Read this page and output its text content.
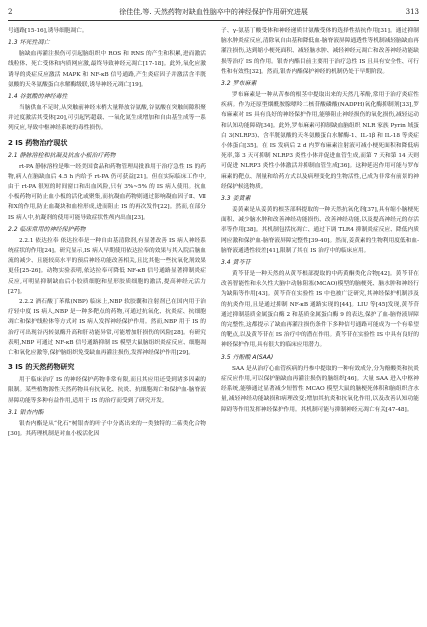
2	徐佳佳,等. 天然药物对缺血性脑卒中的神经保护作用研究进展	313

号通路[15-16],诱导细胞凋亡。

1.3 坏死性凋亡

脑缺血再灌注损伤可引起脑组织中 ROS 和 RNS 的产生和积累,进而激活线粒体、死亡受体和内质网应激,最终导致神经元凋亡[17-18]。此外,氧化应激诱导的炎症反应激活 MAPK 和 NF-κB 信号通路,产生炎症因子并激活含半胱氨酸的天冬氨酸蛋白水解酶级联,诱导神经元凋亡[19]。

1.4 谷氨酸的神经毒性

当脑供血不足时,从突触前神经末梢大量释放谷氨酸,谷氨酸在突触间隙积聚并过度激活其受体[20],可引起钙超载、一氧化氮生成增加和自由基生成等一系列反应,导致中枢神经系统的毒性损伤。

2 IS 药物治疗现状
2.1 静脉溶栓和抗凝及抗血小板治疗药物

rt-PA 静脉溶栓是唯一经美国食品和药物管理局批准用于治疗急性 IS 的药物,病人在脑缺血后 4.5 h 内给予 rt-PA 仍可获益[21]。但在实际临床工作中,由于 rt-PA 很短的时间窗口和出血风险,只有 3%~5% 的 IS 病人使用。抗血小板药物可防止血小板的活化或聚集,而抗凝血药物则通过影响凝血因子Ⅱ、Ⅶ和Ⅹ的作用,防止血凝块和血栓形成,进而阻止 IS 的再次发作[22]。然而,在部分 IS 病人中,抗凝剂的使用可能导致症状性颅内出血[23]。

2.2 临床常用的神经保护药物

2.2.1 依达拉奉 依达拉奉是一种自由基清除剂,有显著改善 IS 病人神经系统症状的作用[24]。研究显示,IS 病人早期使用依达拉奉的效果与其入院后脑血流的减少、且能较高水平的预后神经功能改善相关,且比其他一些抗氧化剂效果更佳[25-26]。动物实验表明,依达拉奉可降低 NF-κB 信号通路显著抑制炎症反应,可明显抑制缺血后小胶质细胞和星形胶质细胞的激活,提高神经元活力[27]。

2.2.2 酒石酸丁苯酞(NBP) 临床上,NBP 软胶囊和注射剂已在国内用于治疗轻中度 IS 病人,NBP 是一种多靶点的药物,可通过抗氧化、抗炎症、抗细胞凋亡和保护线粒体等方式对 IS 病人发挥神经保护作用。然而,NBP 用于 IS 的治疗可出现谷丙转氨酶升高和肝功能异常,可能增加肝损伤的风险[28]。有研究表明,NBP 可通过 NF-κB 信号通路抑制 IS 模型大鼠脑组织炎症反应、细胞凋亡和氧化应激等,保护脑组织免受缺血再灌注损伤,发挥神经保护作用[29]。

3 IS 的天然药物研究

用于临床治疗 IS 的神经保护药物非常有限,而且其应用还受到诸多因素的限制。某些植物源性天然药物具有抗氧化、抗炎、抗细胞凋亡和保护血-脑脊液屏障功能等多种有益作用,适用于 IS 的治疗而受到了研究开发。

3.1 银杏内酯

银杏内酯是从“化石”树银杏的叶子中分离出来的一类独特的二萜类化合物[30]。其药理机制是对血小板活化因

子、γ-氨基丁酸受体和神经递质甘氨酸受体的选择性拮抗作用[31]。通过抑制脑水肿炎症反应,清除氧自由基和降低血-脑脊液屏障通透性等机制减轻脑缺血再灌注损伤,达到缩小梗死面积、减轻脑水肿、减轻神经元凋亡和改善神经功能缺损等治疗 IS 的作用。银杏内酯目前主要用于治疗急性 IS 且具有安全性、可行性和有效性[32]。然而,银杏内酯保护神经的机制仍处于早期阶段。

3.2 罗布麻素

罗布麻素是一种从苦参的根茎中提取出来的天然几苯酚,常用于治疗炎症性疾病。作为还原型烟酰胺腺嘌呤二核苷酸磷酸(NADPH)氧化酶抑制剂[33],罗布麻素对 IS 具有良好的神经保护作用,能够阻止神经损伤的氧化损伤,减轻运动和认知功能障碍[34]。此外,罗布麻素可抑制缺血脑组织 NLR 家族 Pyrin 域蛋白 3(NLRP3)、含半胱氨酸的天冬氨酸蛋白水解酶-1、IL-1β 和 IL-18 等炎症小体蛋白[35]。在 IS 发病后 2 d 内罗布麻素注射液可减小梗死面积和降低病死率,第 3 天可抑制 NLRP3 炎性小体并促进血管生成,而第 7 天和第 14 天则可促进 NLRP3 炎性小体激活并抑制血管生成[36]。这种延迟作用可能与罗布麻素的靶点、剂量和给药方式以及病理变化的生物活性,已成为非常有前景的神经保护候选物质。

3.3 姜黄素

姜黄素是从姜黄的根茎部料提取的一种天然抗氧化剂[37],具有缩小脑梗死面积、减少脑水肿和改善神经功能损伤、改善神经功能,以及提高神经元的存活率等作用[38]。其机制包括抗凋亡、通过下调 TLR4 抑制炎症反应、降低内质网应激和保护血-脑脊液屏障完整性[39-40]。然而,姜黄素的生物利用度低和血-脑脊液通透性较差[41],限制了其在 IS 治疗中的临床应用。

3.4 黄芩苷

黄芩苷是一种天然的从黄芩根部提取的中药黄酮类化合物[42]。黄芩苷在改善智能性和永久性大脑中动脉阻塞(MCAO)模型的脑梗死、脑水肿和神经行为缺陷等作用[43]。黄芩苷在实验性 IS 中也被广泛研究,其神经保护机制涉及的抗炎作用,且是通过抑制 NF-κB 通路实现的[44]。LIU 等[45]发现,黄芩苷通过抑制基质金属蛋白酶 2 和基质金属蛋白酶 9 的表达,保护了血-脑脊液屏障的完整性,这都提示了缺血再灌注损伤条件下多种信号通路可能成为一个有希望的靶点,以及黄芩苷在 IS 治疗中的潜在作用。黄芩苷在实验性 IS 中具有良好的神经保护作用,具有很大的临床应用潜力。

3.5 丹酚酸 A(SAA)

SAA 是从治疗心血管疾病的丹参中提取的一种有效成分,分为酚酸类和抗炎症反应作用,可以保护脑缺血再灌注损伤的脑组织[46]。大量 SAA 进入中枢神经系统,能够通过显著减少短暂性 MCAO 模型大鼠的脑梗死体积和脑组织含水量,减轻神经功能缺损和病理改变;增加其抗炎和抗氧化作用,以及改善认知功能障碍等作用发挥神经保护作用。其机制可能与抑制神经元凋亡有关[47-48]。
